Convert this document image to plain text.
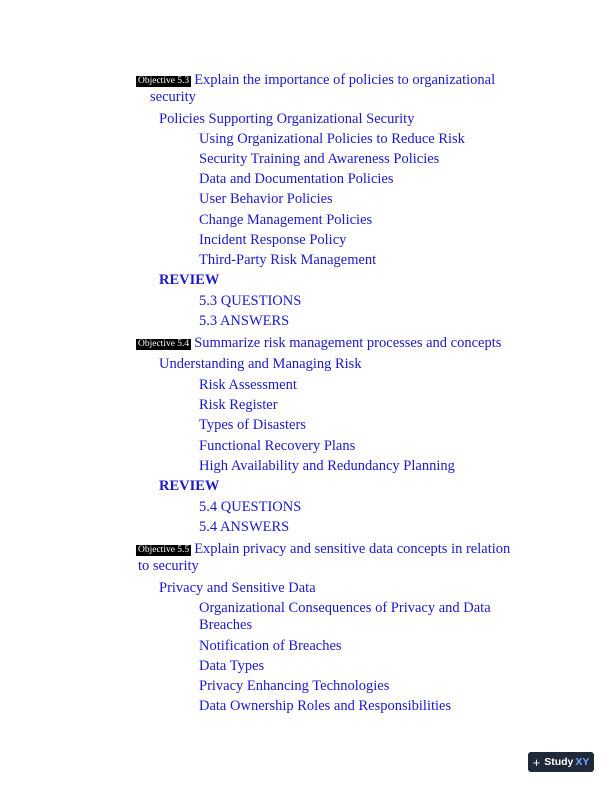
Objective 5.3 Explain the importance of policies to organizational
security
Policies Supporting Organizational Security
Using Organizational Policies to Reduce Risk
Security Training and Awareness Policies
Data and Documentation Policies
User Behavior Policies
Change Management Policies
Incident Response Policy
Third-Party Risk Management
REVIEW
5.3 QUESTIONS
5.3 ANSWERS
Objective 5.4 Summarize risk management processes and concepts
Understanding and Managing Risk
Risk Assessment
Risk Register
Types of Disasters
Functional Recovery Plans
High Availability and Redundancy Planning
REVIEW
5.4 QUESTIONS
5.4 ANSWERS
Objective 5.5 Explain privacy and sensitive data concepts in relation
to security
Privacy and Sensitive Data
Organizational Consequences of Privacy and Data Breaches
Notification of Breaches
Data Types
Privacy Enhancing Technologies
Data Ownership Roles and Responsibilities
+ Study XY
